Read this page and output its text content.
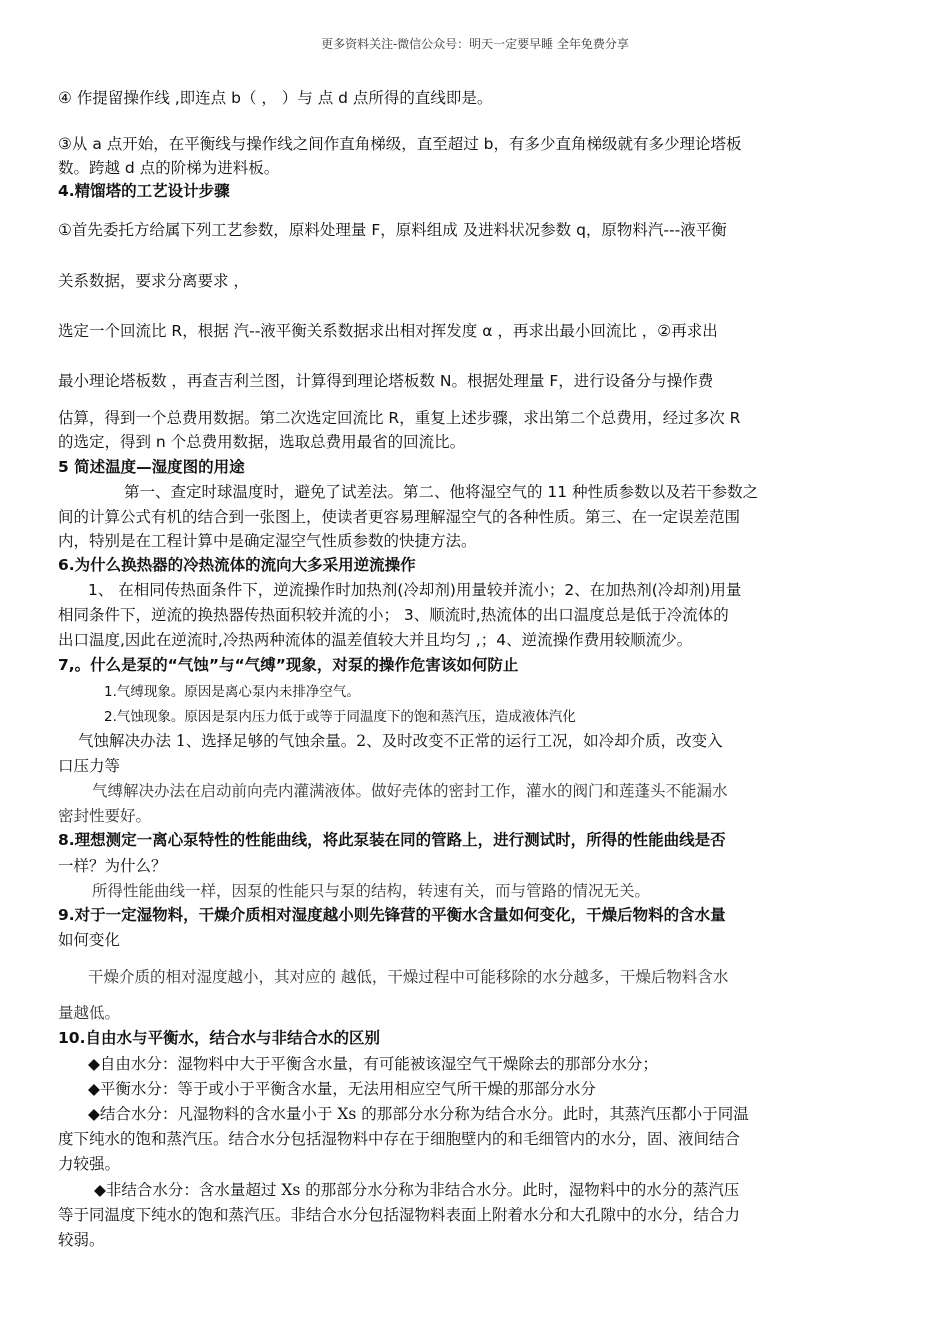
更多资料关注-微信公众号：明天一定要早睡 全年免费分享
④ 作提留操作线 ,即连点 b（ ， ）与 点 d 点所得的直线即是。
③从 a 点开始，在平衡线与操作线之间作直角梯级，直至超过 b，有多少直角梯级就有多少理论塔板
数。跨越 d 点的阶梯为进料板。
4.精馏塔的工艺设计步骤
①首先委托方给属下列工艺参数，原料处理量 F，原料组成 及进料状况参数 q，原物料汽---液平衡
关系数据，要求分离要求 ，
选定一个回流比 R，根据 汽--液平衡关系数据求出相对挥发度 α ，再求出最小回流比 ，②再求出
最小理论塔板数 ，再查吉利兰图，计算得到理论塔板数 N。根据处理量 F，进行设备分与操作费
估算，得到一个总费用数据。第二次选定回流比 R，重复上述步骤，求出第二个总费用，经过多次 R
的选定，得到 n 个总费用数据，选取总费用最省的回流比。
5 简述温度—湿度图的用途
第一、查定时球温度时，避免了试差法。第二、他将湿空气的 11 种性质参数以及若干参数之
间的计算公式有机的结合到一张图上，使读者更容易理解湿空气的各种性质。第三、在一定误差范围
内，特别是在工程计算中是确定湿空气性质参数的快捷方法。
6.为什么换热器的冷热流体的流向大多采用逆流操作
1、 在相同传热面条件下，逆流操作时加热剂(冷却剂)用量较并流小；2、在加热剂(冷却剂)用量
相同条件下，逆流的换热器传热面积较并流的小； 3、顺流时,热流体的出口温度总是低于冷流体的
出口温度,因此在逆流时,冷热两种流体的温差值较大并且均匀 ,；4、逆流操作费用较顺流少。
7,。什么是泵的“气蚀”与“气缚”现象，对泵的操作危害该如何防止
1.气缚现象。原因是离心泵内未排净空气。
2.气蚀现象。原因是泵内压力低于或等于同温度下的饱和蒸汽压，造成液体汽化
气蚀解决办法 1、选择足够的气蚀余量。2、及时改变不正常的运行工况，如冷却介质，改变入
口压力等
气缚解决办法在启动前向壳内灌满液体。做好壳体的密封工作，灌水的阀门和莲蓬头不能漏水
密封性要好。
8.理想测定一离心泵特性的性能曲线，将此泵装在同的管路上，进行测试时，所得的性能曲线是否
一样？为什么？
所得性能曲线一样，因泵的性能只与泵的结构，转速有关，而与管路的情况无关。
9.对于一定湿物料，干燥介质相对湿度越小则先锋营的平衡水含量如何变化，干燥后物料的含水量
如何变化
干燥介质的相对湿度越小，其对应的 越低，干燥过程中可能移除的水分越多，干燥后物料含水
量越低。
10.自由水与平衡水，结合水与非结合水的区别
◆自由水分：湿物料中大于平衡含水量，有可能被该湿空气干燥除去的那部分水分；
◆平衡水分：等于或小于平衡含水量，无法用相应空气所干燥的那部分水分
◆结合水分：凡湿物料的含水量小于 Xs 的那部分水分称为结合水分。此时，其蒸汽压都小于同温
度下纯水的饱和蒸汽压。结合水分包括湿物料中存在于细胞壁内的和毛细管内的水分，固、液间结合
力较强。
◆非结合水分：含水量超过 Xs 的那部分水分称为非结合水分。此时，湿物料中的水分的蒸汽压
等于同温度下纯水的饱和蒸汽压。非结合水分包括湿物料表面上附着水分和大孔隙中的水分，结合力
较弱。
